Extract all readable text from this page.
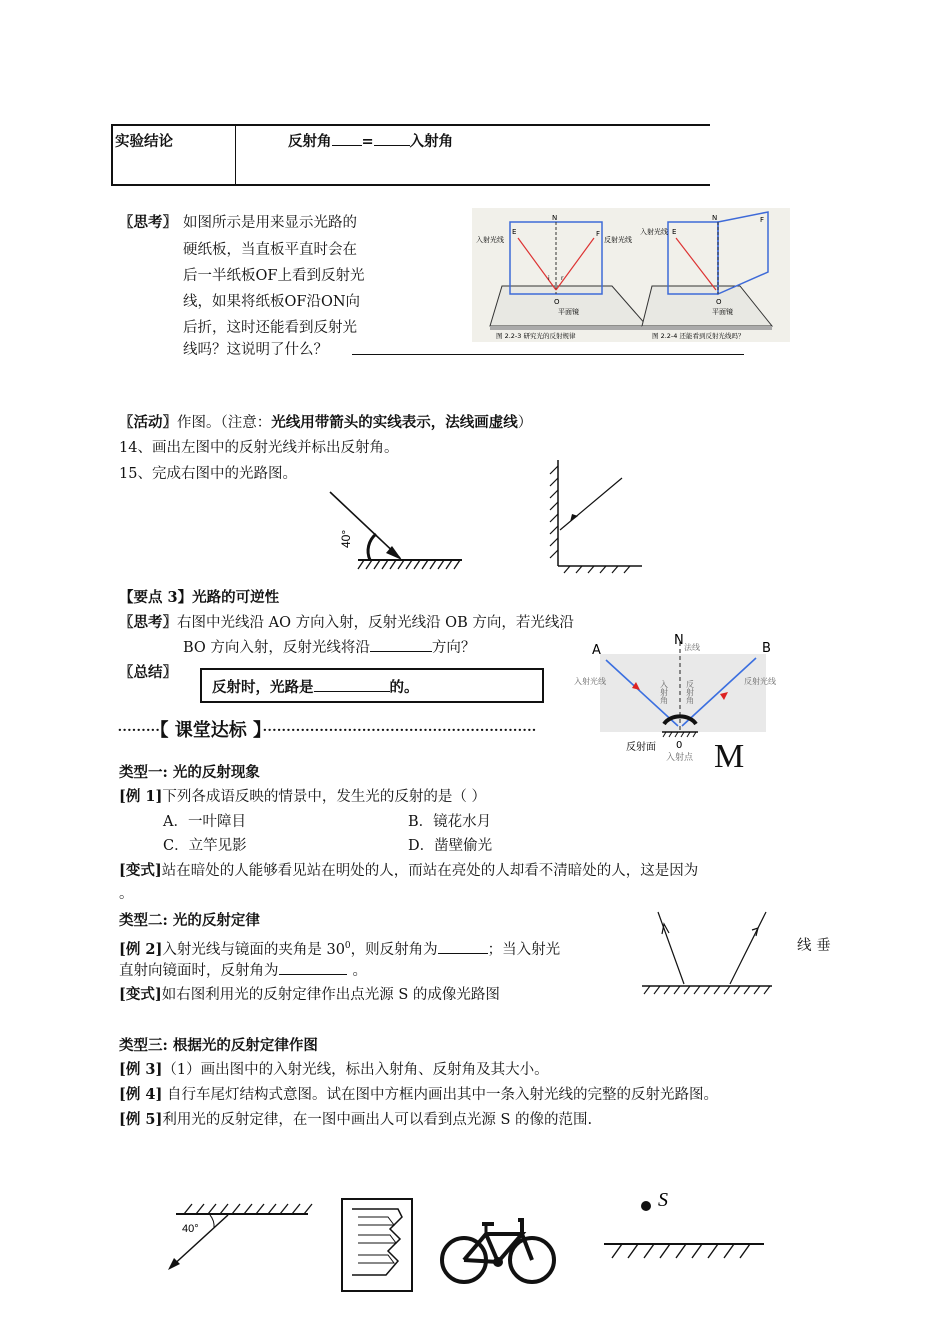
实验结论	反射角 = 入射角
〖思考〗 如图所示是用来显示光路的
硬纸板，当直板平直时会在
后一半纸板OF上看到反射光
线，如果将纸板OF沿ON向
后折，这时还能看到反射光
线吗？这说明了什么？
N
E	F
O
i r
入射光线	反射光线
平面镜
图 2.2-3 研究光的反射规律
N
E
F
O
入射光线
平面镜
图 2.2-4 还能看到反射光线吗？
〖活动〗作图。（注意：光线用带箭头的实线表示，法线画虚线）
14、画出左图中的反射光线并标出反射角。
15、完成右图中的光路图。
40°
【要点 3】光路的可逆性
〖思考〗右图中光线沿 AO 方向入射，反射光线沿 OB 方向，若光线沿
BO 方向入射，反射光线将沿	方向？
〖总结〗
反射时，光路是	的。
A	B
N 法线
入射光线	反射光线
入射角 反射角
反射面 0
入射点 M
·········【 课堂达标 】··························································
类型一: 光的反射现象
[例 1]下列各成语反映的情景中，发生光的反射的是（ ）
A．一叶障目	B．镜花水月
C．立竿见影	D．凿壁偷光
[变式]站在暗处的人能够看见站在明处的人，而站在亮处的人却看不清暗处的人，这是因为
。
类型二: 光的反射定律
[例 2]入射光线与镜面的夹角是 $30^0$，则反射角为	；当入射光	线 垂
直射向镜面时，反射角为	。
[变式]如右图利用光的反射定律作出点光源 S 的成像光路图
类型三: 根据光的反射定律作图
[例 3]（1）画出图中的入射光线，标出入射角、反射角及其大小。
[例 4] 自行车尾灯结构式意图。试在图中方框内画出其中一条入射光线的完整的反射光路图。
[例 5]利用光的反射定律，在一图中画出人可以看到点光源 S 的像的范围.
40°
S
